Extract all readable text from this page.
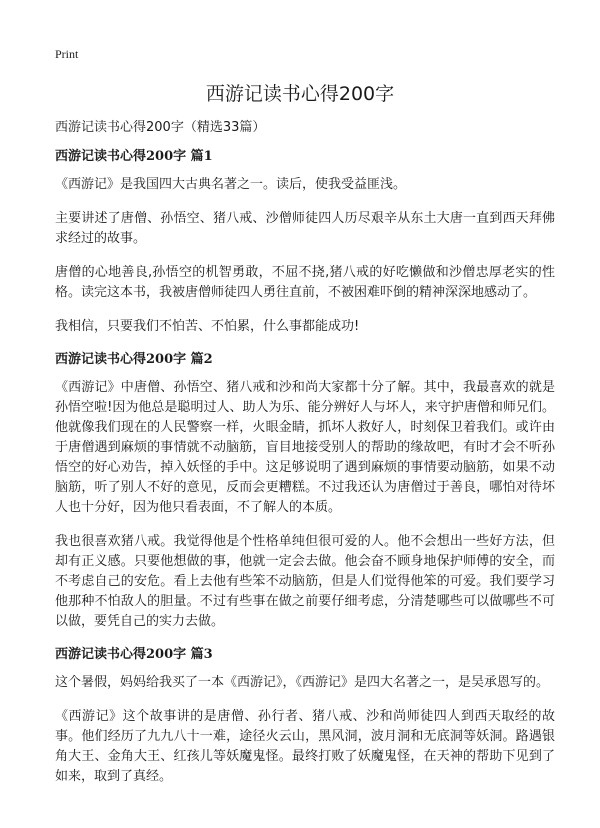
Print
西游记读书心得200字

西游记读书心得200字（精选33篇）

西游记读书心得200字 篇1

《西游记》是我国四大古典名著之一。读后，使我受益匪浅。

主要讲述了唐僧、孙悟空、猪八戒、沙僧师徒四人历尽艰辛从东土大唐一直到西天拜佛求经过的故事。

唐僧的心地善良,孙悟空的机智勇敢，不屈不挠,猪八戒的好吃懒做和沙僧忠厚老实的性格。读完这本书，我被唐僧师徒四人勇往直前，不被困难吓倒的精神深深地感动了。

我相信，只要我们不怕苦、不怕累，什么事都能成功!

西游记读书心得200字 篇2

《西游记》中唐僧、孙悟空、猪八戒和沙和尚大家都十分了解。其中，我最喜欢的就是孙悟空啦!因为他总是聪明过人、助人为乐、能分辨好人与坏人，来守护唐僧和师兄们。他就像我们现在的人民警察一样，火眼金睛，抓坏人救好人，时刻保卫着我们。或许由于唐僧遇到麻烦的事情就不动脑筋，盲目地接受别人的帮助的缘故吧，有时才会不听孙悟空的好心劝告，掉入妖怪的手中。这足够说明了遇到麻烦的事情要动脑筋，如果不动脑筋，听了别人不好的意见，反而会更糟糕。不过我还认为唐僧过于善良，哪怕对待坏人也十分好，因为他只看表面，不了解人的本质。

我也很喜欢猪八戒。我觉得他是个性格单纯但很可爱的人。他不会想出一些好方法，但却有正义感。只要他想做的事，他就一定会去做。他会奋不顾身地保护师傅的安全，而不考虑自己的安危。看上去他有些笨不动脑筋，但是人们觉得他笨的可爱。我们要学习他那种不怕敌人的胆量。不过有些事在做之前要仔细考虑，分清楚哪些可以做哪些不可以做，要凭自己的实力去做。

西游记读书心得200字 篇3

这个暑假，妈妈给我买了一本《西游记》，《西游记》是四大名著之一，是吴承恩写的。

《西游记》这个故事讲的是唐僧、孙行者、猪八戒、沙和尚师徒四人到西天取经的故事。他们经历了九九八十一难，途径火云山，黑风洞，波月洞和无底洞等妖洞。路遇银角大王、金角大王、红孩儿等妖魔鬼怪。最终打败了妖魔鬼怪，在天神的帮助下见到了如来，取到了真经。
